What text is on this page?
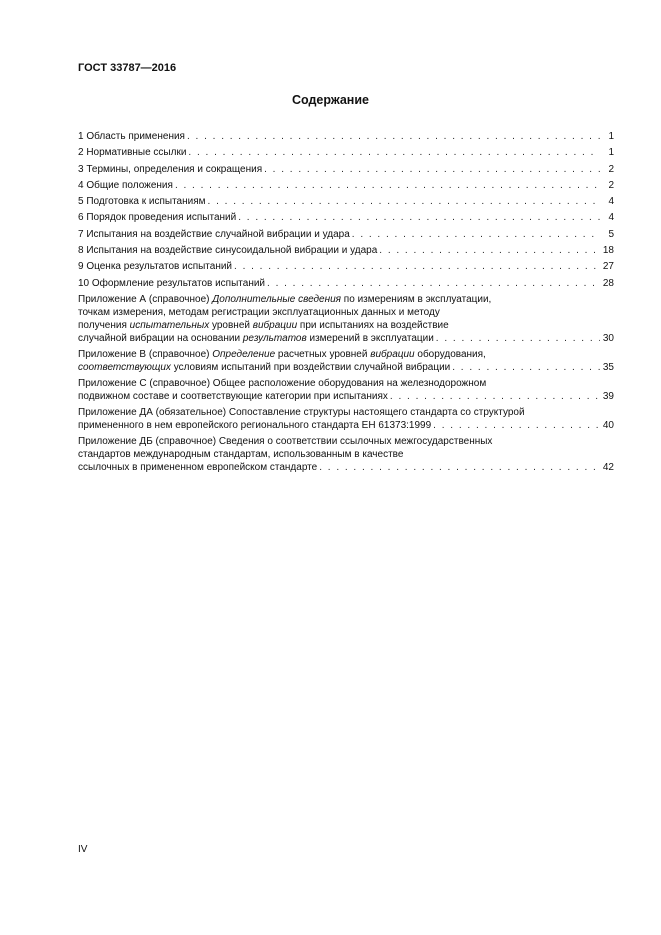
ГОСТ 33787—2016
Содержание
1 Область применения . . .	1
2 Нормативные ссылки . . .	1
3 Термины, определения и сокращения . . .	2
4 Общие положения . . .	2
5 Подготовка к испытаниям . . .	4
6 Порядок проведения испытаний . . .	4
7 Испытания на воздействие случайной вибрации и удара . . .	5
8 Испытания на воздействие синусоидальной вибрации и удара . . .	18
9 Оценка результатов испытаний . . .	27
10 Оформление результатов испытаний . . .	28
Приложение А (справочное) Дополнительные сведения по измерениям в эксплуатации,
точкам измерения, методам регистрации эксплуатационных данных и методу
получения испытательных уровней вибрации при испытаниях на воздействие
случайной вибрации на основании результатов измерений в эксплуатации . . .	30
Приложение В (справочное) Определение расчетных уровней вибрации оборудования,
соответствующих условиям испытаний при воздействии случайной вибрации . . .	35
Приложение С (справочное) Общее расположение оборудования на железнодорожном
подвижном составе и соответствующие категории при испытаниях . . .	39
Приложение ДА (обязательное) Сопоставление структуры настоящего стандарта со структурой
примененного в нем европейского регионального стандарта ЕН 61373:1999 . . .	40
Приложение ДБ (справочное) Сведения о соответствии ссылочных межгосударственных
стандартов международным стандартам, использованным в качестве
ссылочных в примененном европейском стандарте . . .	42
IV
